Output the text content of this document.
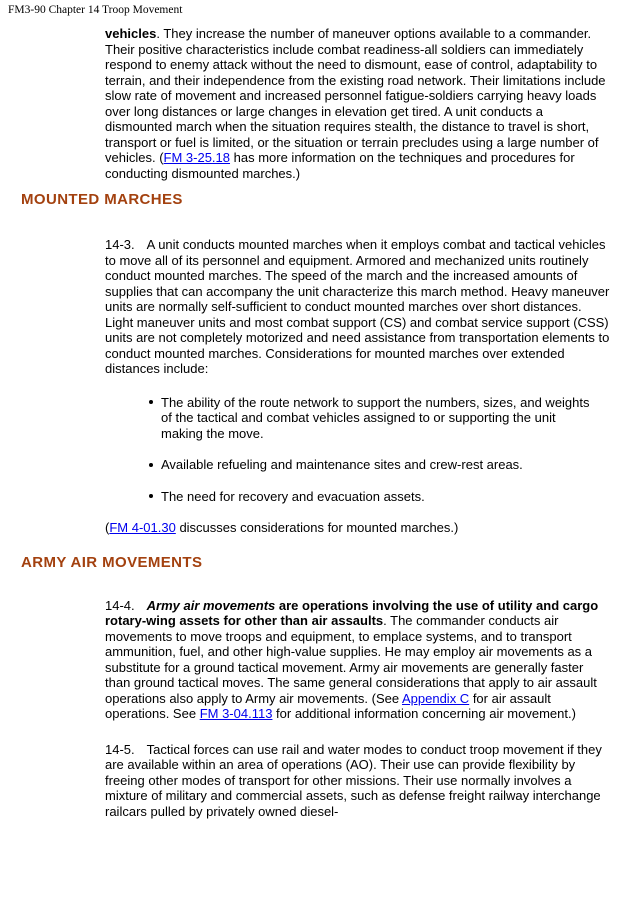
FM3-90 Chapter 14 Troop Movement

vehicles. They increase the number of maneuver options available to a commander. Their positive characteristics include combat readiness-all soldiers can immediately respond to enemy attack without the need to dismount, ease of control, adaptability to terrain, and their independence from the existing road network. Their limitations include slow rate of movement and increased personnel fatigue-soldiers carrying heavy loads over long distances or large changes in elevation get tired. A unit conducts a dismounted march when the situation requires stealth, the distance to travel is short, transport or fuel is limited, or the situation or terrain precludes using a large number of vehicles. (FM 3-25.18 has more information on the techniques and procedures for conducting dismounted marches.)

MOUNTED MARCHES

14-3. A unit conducts mounted marches when it employs combat and tactical vehicles to move all of its personnel and equipment. Armored and mechanized units routinely conduct mounted marches. The speed of the march and the increased amounts of supplies that can accompany the unit characterize this march method. Heavy maneuver units are normally self-sufficient to conduct mounted marches over short distances. Light maneuver units and most combat support (CS) and combat service support (CSS) units are not completely motorized and need assistance from transportation elements to conduct mounted marches. Considerations for mounted marches over extended distances include:

The ability of the route network to support the numbers, sizes, and weights of the tactical and combat vehicles assigned to or supporting the unit making the move.
Available refueling and maintenance sites and crew-rest areas.
The need for recovery and evacuation assets.

(FM 4-01.30 discusses considerations for mounted marches.)

ARMY AIR MOVEMENTS

14-4. Army air movements are operations involving the use of utility and cargo rotary-wing assets for other than air assaults. The commander conducts air movements to move troops and equipment, to emplace systems, and to transport ammunition, fuel, and other high-value supplies. He may employ air movements as a substitute for a ground tactical movement. Army air movements are generally faster than ground tactical moves. The same general considerations that apply to air assault operations also apply to Army air movements. (See Appendix C for air assault operations. See FM 3-04.113 for additional information concerning air movement.)

14-5. Tactical forces can use rail and water modes to conduct troop movement if they are available within an area of operations (AO). Their use can provide flexibility by freeing other modes of transport for other missions. Their use normally involves a mixture of military and commercial assets, such as defense freight railway interchange railcars pulled by privately owned diesel-
